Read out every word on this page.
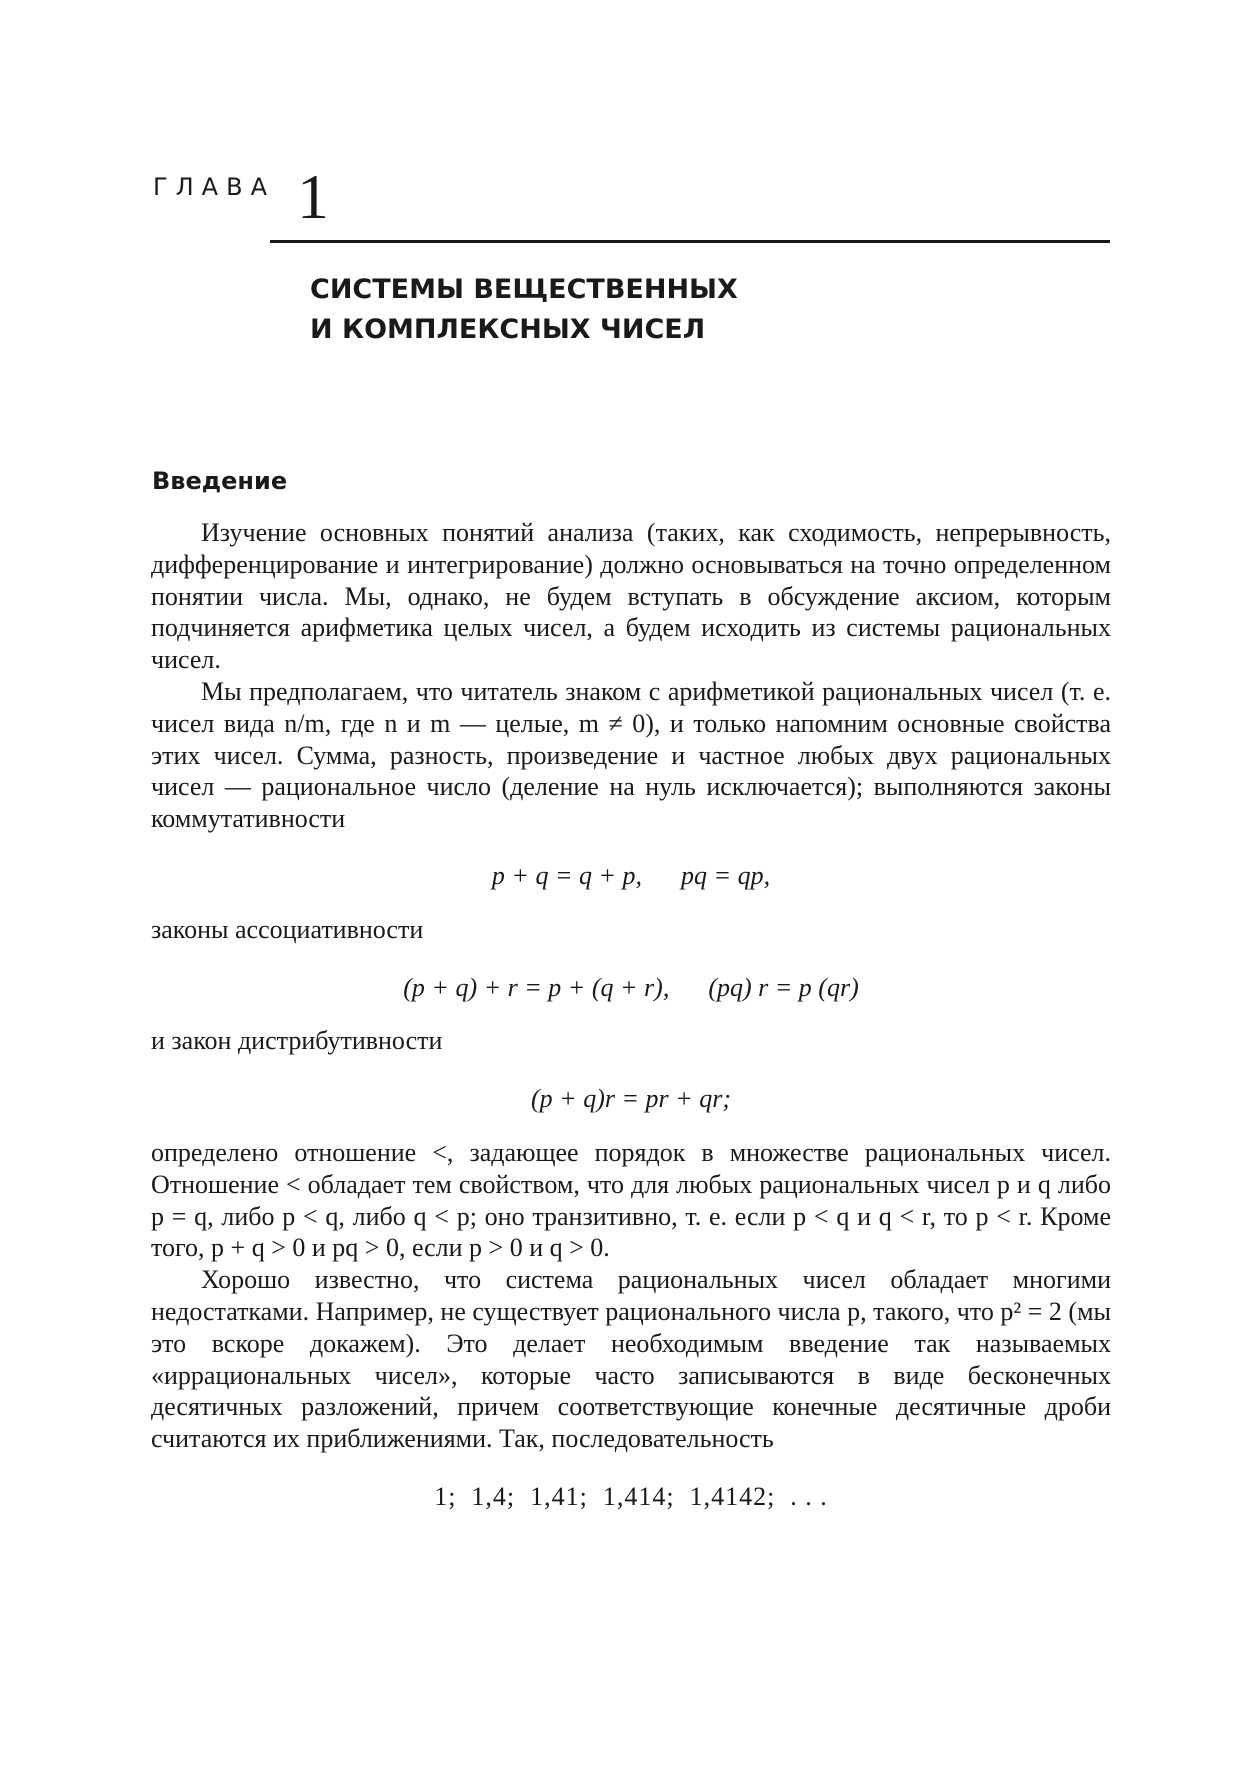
ГЛАВА 1
СИСТЕМЫ ВЕЩЕСТВЕННЫХ
И КОМПЛЕКСНЫХ ЧИСЕЛ
Введение

Изучение основных понятий анализа (таких, как сходимость, непрерывность, дифференцирование и интегрирование) должно основываться на точно определенном понятии числа. Мы, однако, не будем вступать в обсуждение аксиом, которым подчиняется арифметика целых чисел, а будем исходить из системы рациональных чисел.

Мы предполагаем, что читатель знаком с арифметикой рациональных чисел (т. е. чисел вида n/m, где n и m — целые, m ≠ 0), и только напомним основные свойства этих чисел. Сумма, разность, произведение и частное любых двух рациональных чисел — рациональное число (деление на нуль исключается); выполняются законы коммутативности

p + q = q + p,      pq = qp,

законы ассоциативности

(p + q) + r = p + (q + r),      (pq) r = p (qr)

и закон дистрибутивности

(p + q)r = pr + qr;

определено отношение <, задающее порядок в множестве рациональных чисел. Отношение < обладает тем свойством, что для любых рациональных чисел p и q либо p = q, либо p < q, либо q < p; оно транзитивно, т. е. если p < q и q < r, то p < r. Кроме того, p + q > 0 и pq > 0, если p > 0 и q > 0.

Хорошо известно, что система рациональных чисел обладает многими недостатками. Например, не существует рационального числа p, такого, что p² = 2 (мы это вскоре докажем). Это делает необходимым введение так называемых «иррациональных чисел», которые часто записываются в виде бесконечных десятичных разложений, причем соответствующие конечные десятичные дроби считаются их приближениями. Так, последовательность

1;  1,4;  1,41;  1,414;  1,4142;  . . .
